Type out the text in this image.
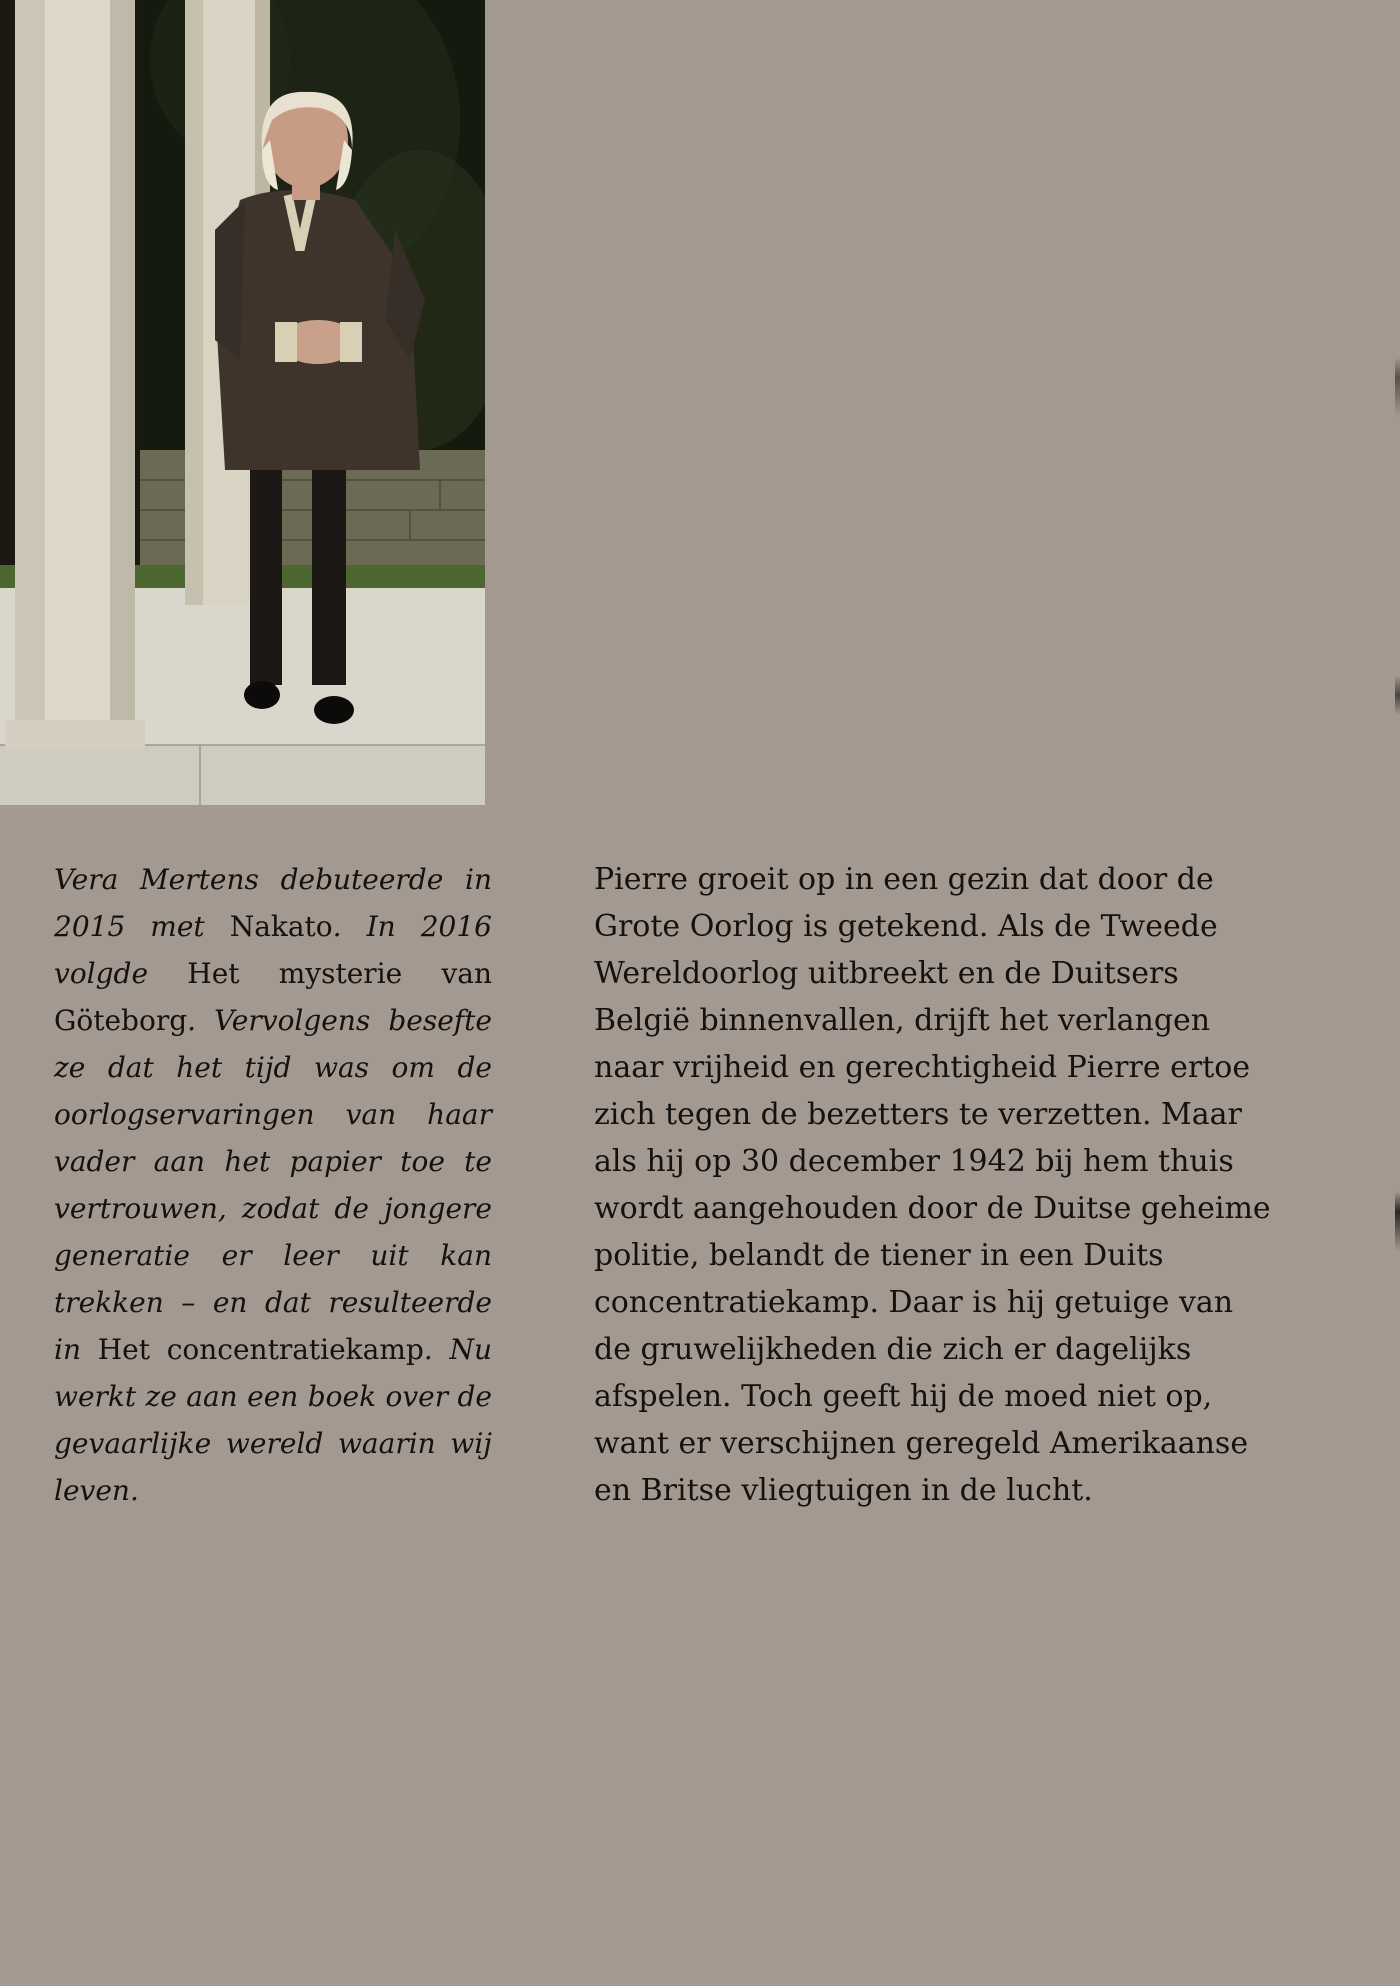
Vera Mertens debuteerde in 2015 met Nakato. In 2016 volgde Het mysterie van Göteborg. Vervolgens besefte ze dat het tijd was om de oorlogservaringen van haar vader aan het papier toe te vertrouwen, zodat de jongere generatie er leer uit kan trekken – en dat resulteerde in Het concentratiekamp. Nu werkt ze aan een boek over de gevaarlijke wereld waarin wij leven.

Pierre groeit op in een gezin dat door de
Grote Oorlog is getekend. Als de Tweede
Wereldoorlog uitbreekt en de Duitsers
België binnenvallen, drijft het verlangen
naar vrijheid en gerechtigheid Pierre ertoe
zich tegen de bezetters te verzetten. Maar
als hij op 30 december 1942 bij hem thuis
wordt aangehouden door de Duitse geheime
politie, belandt de tiener in een Duits
concentratiekamp. Daar is hij getuige van
de gruwelijkheden die zich er dagelijks
afspelen. Toch geeft hij de moed niet op,
want er verschijnen geregeld Amerikaanse
en Britse vliegtuigen in de lucht.
